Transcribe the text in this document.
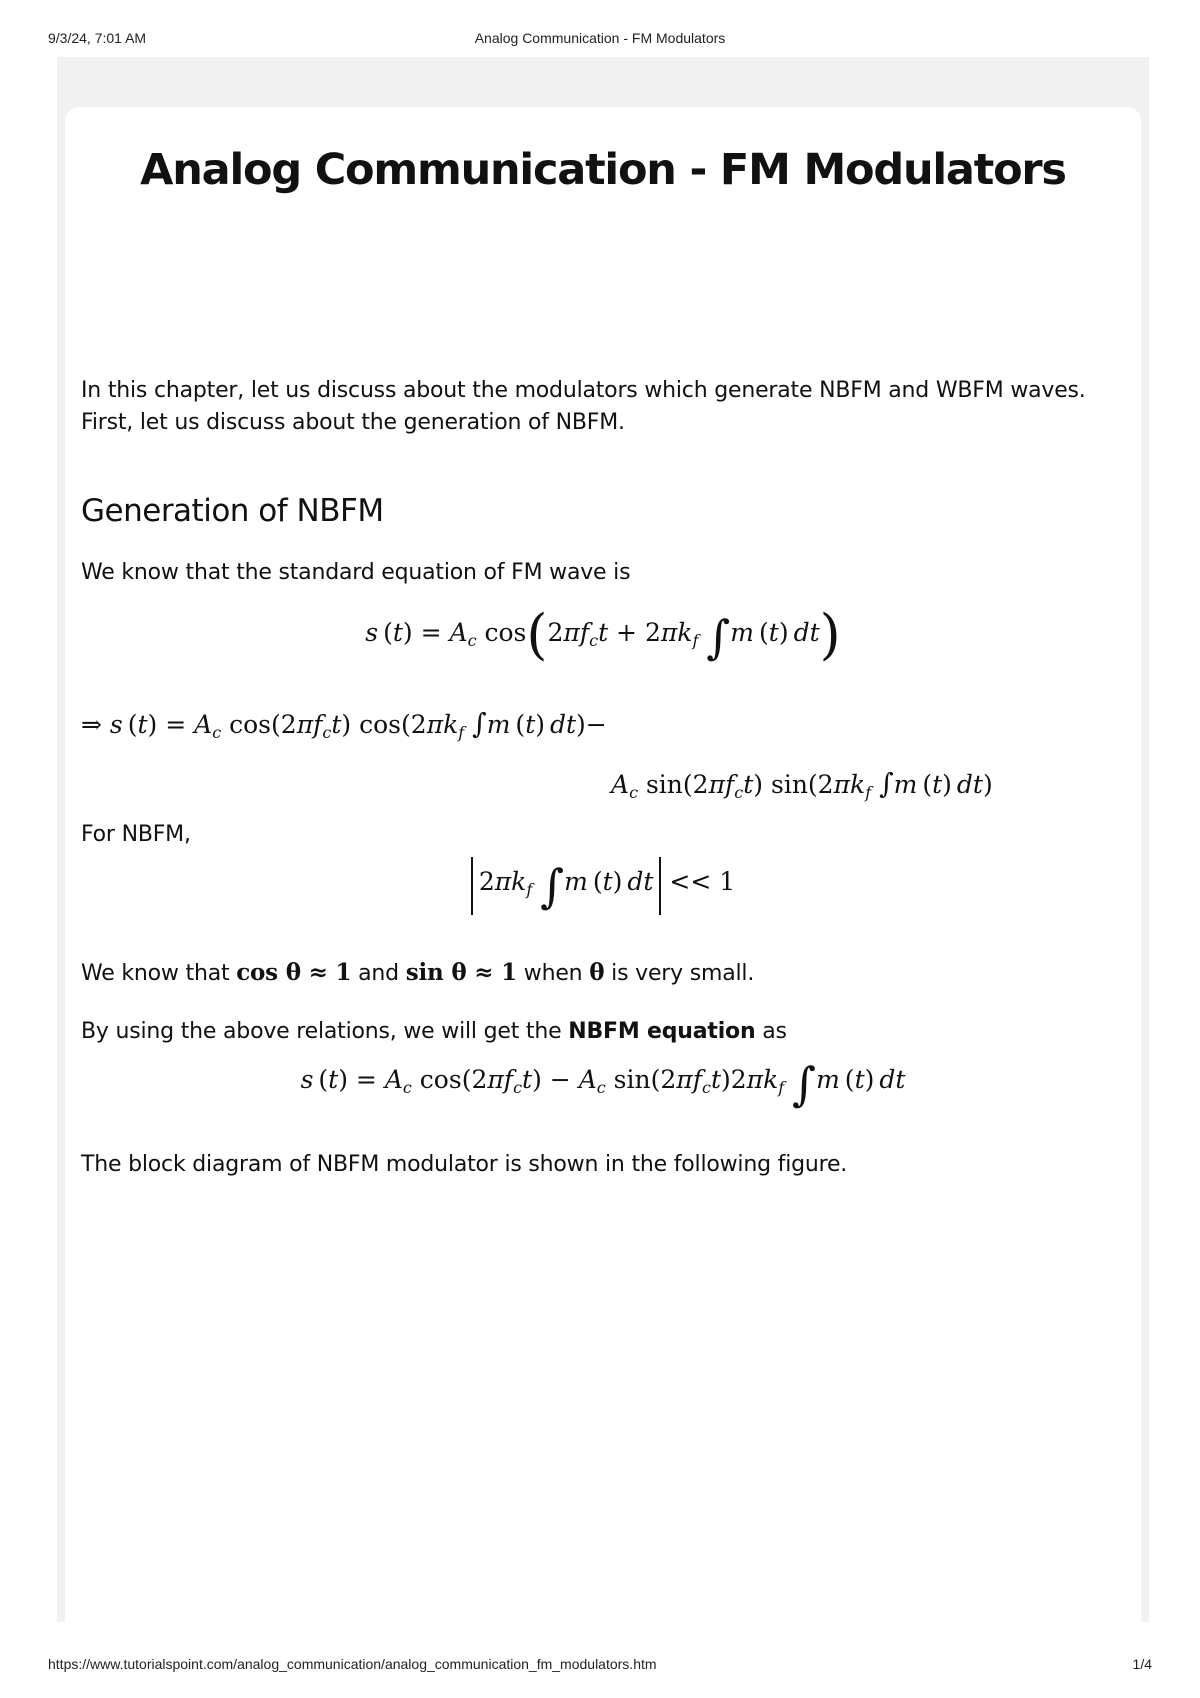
9/3/24, 7:01 AM	Analog Communication - FM Modulators
Analog Communication - FM Modulators

In this chapter, let us discuss about the modulators which generate NBFM and WBFM waves. First, let us discuss about the generation of NBFM.

Generation of NBFM

We know that the standard equation of FM wave is

s $(t) = A_c$ $\cos(2\pi f_ct + 2\pi k_f$ ∫m (t) dt)
⇒ s $(t) = A_c$ $\cos(2\pi f_ct)$ $\cos(2\pi k_f$ ∫m (t) dt)−
$A_c$ $\sin(2\pi f_ct)$ $\sin(2\pi k_f$ ∫m (t) dt)

For NBFM,

$2\pi k_f$ ∫m (t) dt << 1

We know that cos θ ≈ 1 and sin θ ≈ 1 when θ is very small.

By using the above relations, we will get the NBFM equation as

s $(t) = A_c$ $\cos(2\pi f_ct) - A_c$ $\sin(2\pi f_ct)2\pi k_f$ ∫m (t) dt

The block diagram of NBFM modulator is shown in the following figure.

https://www.tutorialspoint.com/analog_communication/analog_communication_fm_modulators.htm	1/4
